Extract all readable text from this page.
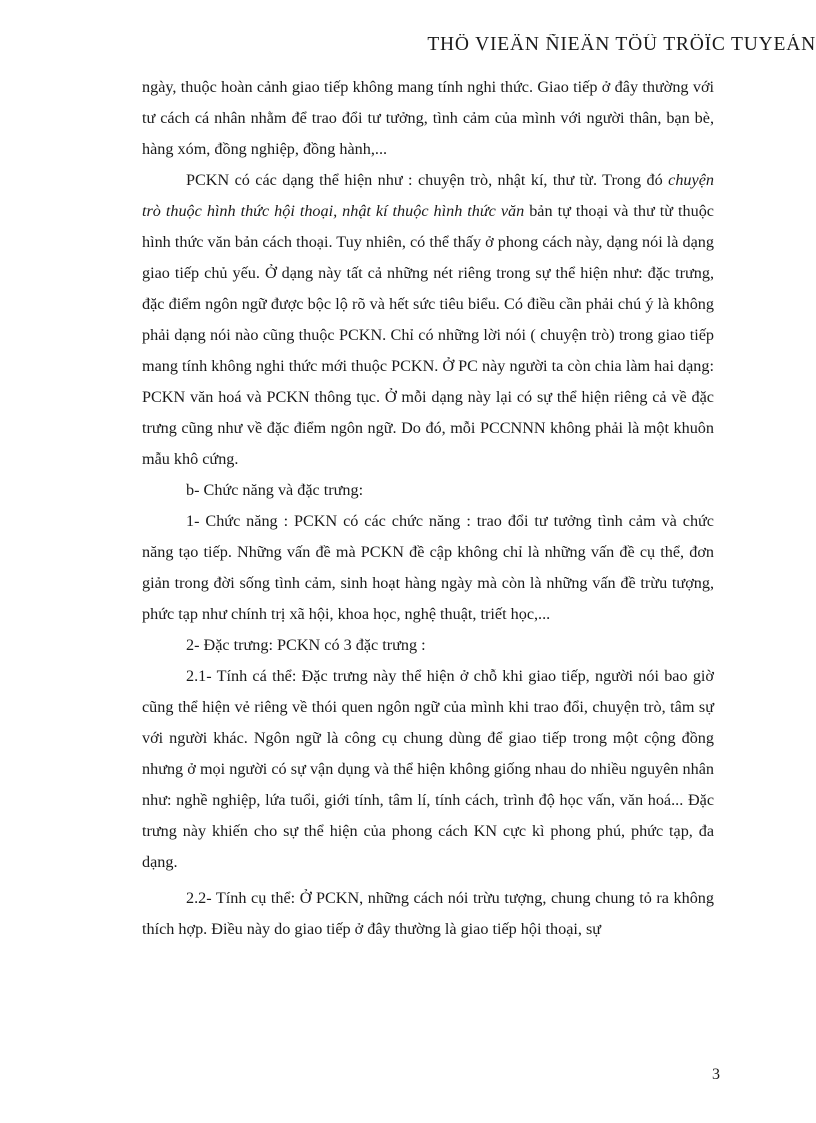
THÖ VIEÄN ÑIEÄN TÖÛ TRÖÏC TUYEÁN

ngày, thuộc hoàn cảnh giao tiếp không mang tính nghi thức. Giao tiếp ở đây thường với tư cách cá nhân nhằm để trao đổi tư tưởng, tình cảm của mình với người thân, bạn bè, hàng xóm, đồng nghiệp, đồng hành,...

PCKN có các dạng thể hiện như : chuyện trò, nhật kí, thư từ. Trong đó chuyện trò thuộc hình thức hội thoại, nhật kí thuộc hình thức văn bản tự thoại và thư từ thuộc hình thức văn bản cách thoại. Tuy nhiên, có thể thấy ở phong cách này, dạng nói là dạng giao tiếp chủ yếu. Ở dạng này tất cả những nét riêng trong sự thể hiện như: đặc trưng, đặc điểm ngôn ngữ được bộc lộ rõ và hết sức tiêu biểu. Có điều cần phải chú ý là không phải dạng nói nào cũng thuộc PCKN. Chỉ có những lời nói ( chuyện trò) trong giao tiếp mang tính không nghi thức mới thuộc PCKN. Ở PC này người ta còn chia làm hai dạng: PCKN văn hoá và PCKN thông tục. Ở mỗi dạng này lại có sự thể hiện riêng cả về đặc trưng cũng như về đặc điểm ngôn ngữ. Do đó, mỗi PCCNNN không phải là một khuôn mẫu khô cứng.

b- Chức năng và đặc trưng:

1- Chức năng : PCKN có các chức năng : trao đổi tư tưởng tình cảm và chức năng tạo tiếp. Những vấn đề mà PCKN đề cập không chỉ là những vấn đề cụ thể, đơn giản trong đời sống tình cảm, sinh hoạt hàng ngày mà còn là những vấn đề trừu tượng, phức tạp như chính trị xã hội, khoa học, nghệ thuật, triết học,...

2- Đặc trưng: PCKN có 3 đặc trưng :

2.1- Tính cá thể: Đặc trưng này thể hiện ở chỗ khi giao tiếp, người nói bao giờ cũng thể hiện vẻ riêng về thói quen ngôn ngữ của mình khi trao đổi, chuyện trò, tâm sự với người khác. Ngôn ngữ là công cụ chung dùng để giao tiếp trong một cộng đồng nhưng ở mọi người có sự vận dụng và thể hiện không giống nhau do nhiều nguyên nhân như: nghề nghiệp, lứa tuổi, giới tính, tâm lí, tính cách, trình độ học vấn, văn hoá... Đặc trưng này khiến cho sự thể hiện của phong cách KN cực kì phong phú, phức tạp, đa dạng.

2.2- Tính cụ thể: Ở PCKN, những cách nói trừu tượng, chung chung tỏ ra không thích hợp. Điều này do giao tiếp ở đây thường là giao tiếp hội thoại, sự

3
